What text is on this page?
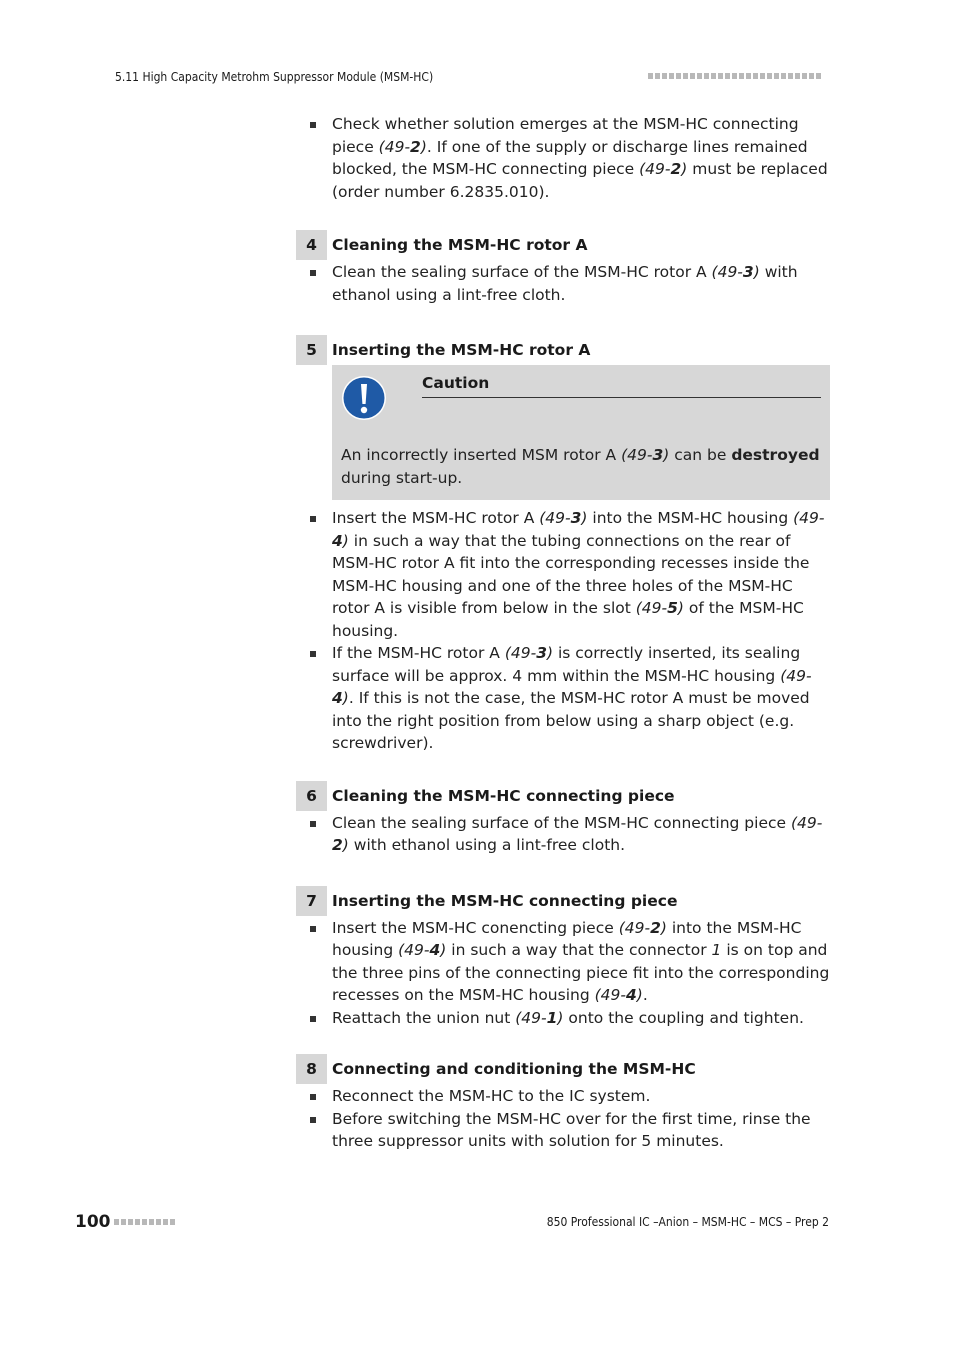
5.11 High Capacity Metrohm Suppressor Module (MSM-HC)
Check whether solution emerges at the MSM-HC connecting piece (49-2). If one of the supply or discharge lines remained blocked, the MSM-HC connecting piece (49-2) must be replaced (order number 6.2835.010).
4 Cleaning the MSM-HC rotor A
Clean the sealing surface of the MSM-HC rotor A (49-3) with ethanol using a lint-free cloth.
5 Inserting the MSM-HC rotor A
Caution
An incorrectly inserted MSM rotor A (49-3) can be destroyed during start-up.
Insert the MSM-HC rotor A (49-3) into the MSM-HC housing (49-4) in such a way that the tubing connections on the rear of MSM-HC rotor A fit into the corresponding recesses inside the MSM-HC housing and one of the three holes of the MSM-HC rotor A is visible from below in the slot (49-5) of the MSM-HC housing.
If the MSM-HC rotor A (49-3) is correctly inserted, its sealing surface will be approx. 4 mm within the MSM-HC housing (49-4). If this is not the case, the MSM-HC rotor A must be moved into the right position from below using a sharp object (e.g. screwdriver).
6 Cleaning the MSM-HC connecting piece
Clean the sealing surface of the MSM-HC connecting piece (49-2) with ethanol using a lint-free cloth.
7 Inserting the MSM-HC connecting piece
Insert the MSM-HC conencting piece (49-2) into the MSM-HC housing (49-4) in such a way that the connector 1 is on top and the three pins of the connecting piece fit into the corresponding recesses on the MSM-HC housing (49-4).
Reattach the union nut (49-1) onto the coupling and tighten.
8 Connecting and conditioning the MSM-HC
Reconnect the MSM-HC to the IC system.
Before switching the MSM-HC over for the first time, rinse the three suppressor units with solution for 5 minutes.
100	850 Professional IC –Anion – MSM-HC – MCS – Prep 2
